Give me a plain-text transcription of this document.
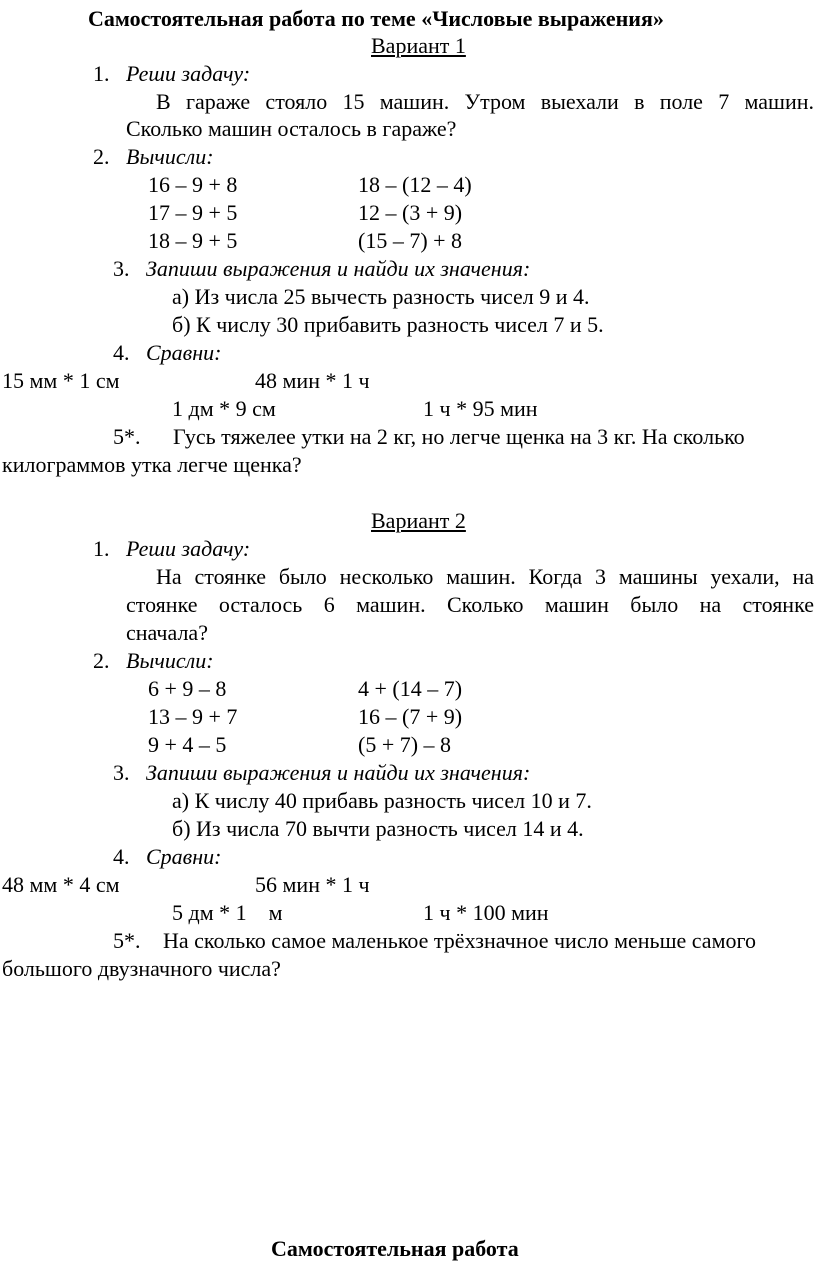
Самостоятельная работа по теме «Числовые выражения»
Вариант 1
1. Реши задачу:
В гараже стояло 15 машин. Утром выехали в поле 7 машин.
Сколько машин осталось в гараже?
2. Вычисли:
16 – 9 + 8	18 – (12 – 4)
17 – 9 + 5	12 – (3 + 9)
18 – 9 + 5	(15 – 7) + 8
3. Запиши выражения и найди их значения:
а) Из числа 25 вычесть разность чисел 9 и 4.
б) К числу 30 прибавить разность чисел 7 и 5.
4. Сравни:
15 мм * 1 см	48 мин * 1 ч
1 дм * 9 см	1 ч * 95 мин
5*. Гусь тяжелее утки на 2 кг, но легче щенка на 3 кг. На сколько
килограммов утка легче щенка?
Вариант 2
1. Реши задачу:
На стоянке было несколько машин. Когда 3 машины уехали, на
стоянке осталось 6 машин. Сколько машин было на стоянке
сначала?
2. Вычисли:
6 + 9 – 8	4 + (14 – 7)
13 – 9 + 7	16 – (7 + 9)
9 + 4 – 5	(5 + 7) – 8
3. Запиши выражения и найди их значения:
а) К числу 40 прибавь разность чисел 10 и 7.
б) Из числа 70 вычти разность чисел 14 и 4.
4. Сравни:
48 мм * 4 см	56 мин * 1 ч
5 дм * 1    м	1 ч * 100 мин
5*. На сколько самое маленькое трёхзначное число меньше самого
большого двузначного числа?
Самостоятельная работа
